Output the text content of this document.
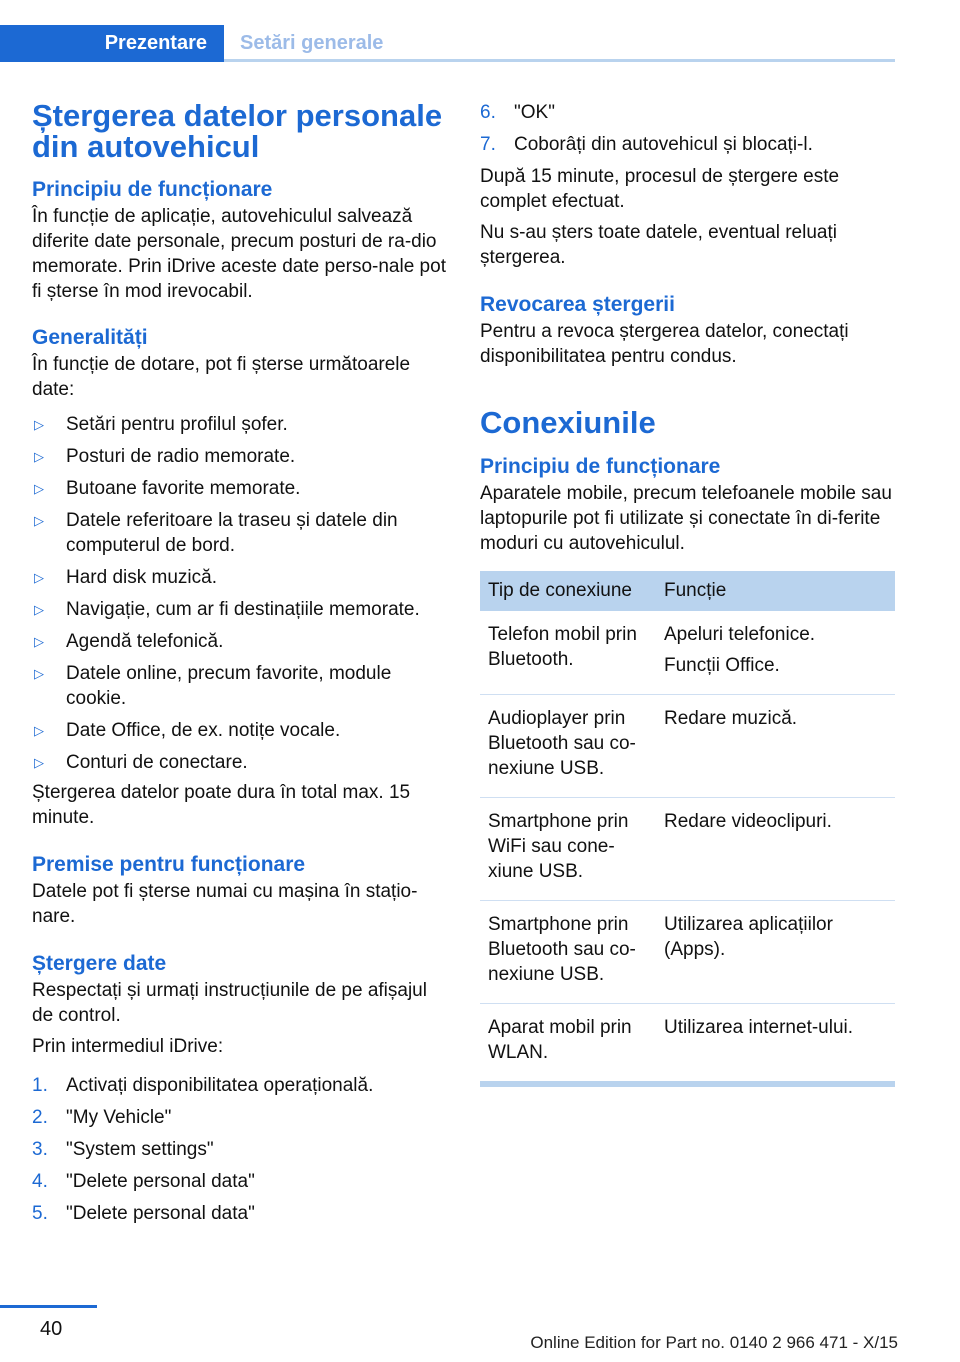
Prezentare	Setări generale
Ștergerea datelor personale din autovehicul
Principiu de funcționare

În funcție de aplicație, autovehiculul salvează diferite date personale, precum posturi de ra-dio memorate. Prin iDrive aceste date perso-nale pot fi șterse în mod irevocabil.

Generalități

În funcție de dotare, pot fi șterse următoarele date:

▷ Setări pentru profilul șofer.
▷ Posturi de radio memorate.
▷ Butoane favorite memorate.
▷ Datele referitoare la traseu și datele din computerul de bord.
▷ Hard disk muzică.
▷ Navigație, cum ar fi destinațiile memorate.
▷ Agendă telefonică.
▷ Datele online, precum favorite, module cookie.
▷ Date Office, de ex. notițe vocale.
▷ Conturi de conectare.

Ștergerea datelor poate dura în total max. 15 minute.

Premise pentru funcționare

Datele pot fi șterse numai cu mașina în stațio-nare.

Ștergere date

Respectați și urmați instrucțiunile de pe afișajul de control.

Prin intermediul iDrive:

1. Activați disponibilitatea operațională.
2. "My Vehicle"
3. "System settings"
4. "Delete personal data"
5. "Delete personal data"
6. "OK"
7. Coborâți din autovehicul și blocați-l.

După 15 minute, procesul de ștergere este complet efectuat.

Nu s-au șters toate datele, eventual reluați ștergerea.

Revocarea ștergerii

Pentru a revoca ștergerea datelor, conectați disponibilitatea pentru condus.

Conexiunile
Principiu de funcționare

Aparatele mobile, precum telefoanele mobile sau laptopurile pot fi utilizate și conectate în di-ferite moduri cu autovehiculul.

Tip de conexiune	Funcție
Telefon mobil prin Bluetooth.	Apeluri telefonice.
Funcții Office.

Audioplayer prin Bluetooth sau co-nexiune USB.	Redare muzică.

Smartphone prin WiFi sau cone-xiune USB.	Redare videoclipuri.

Smartphone prin Bluetooth sau co-nexiune USB.	Utilizarea aplicațiilor (Apps).

Aparat mobil prin WLAN.	Utilizarea internet-ului.
40
Online Edition for Part no. 0140 2 966 471 - X/15
